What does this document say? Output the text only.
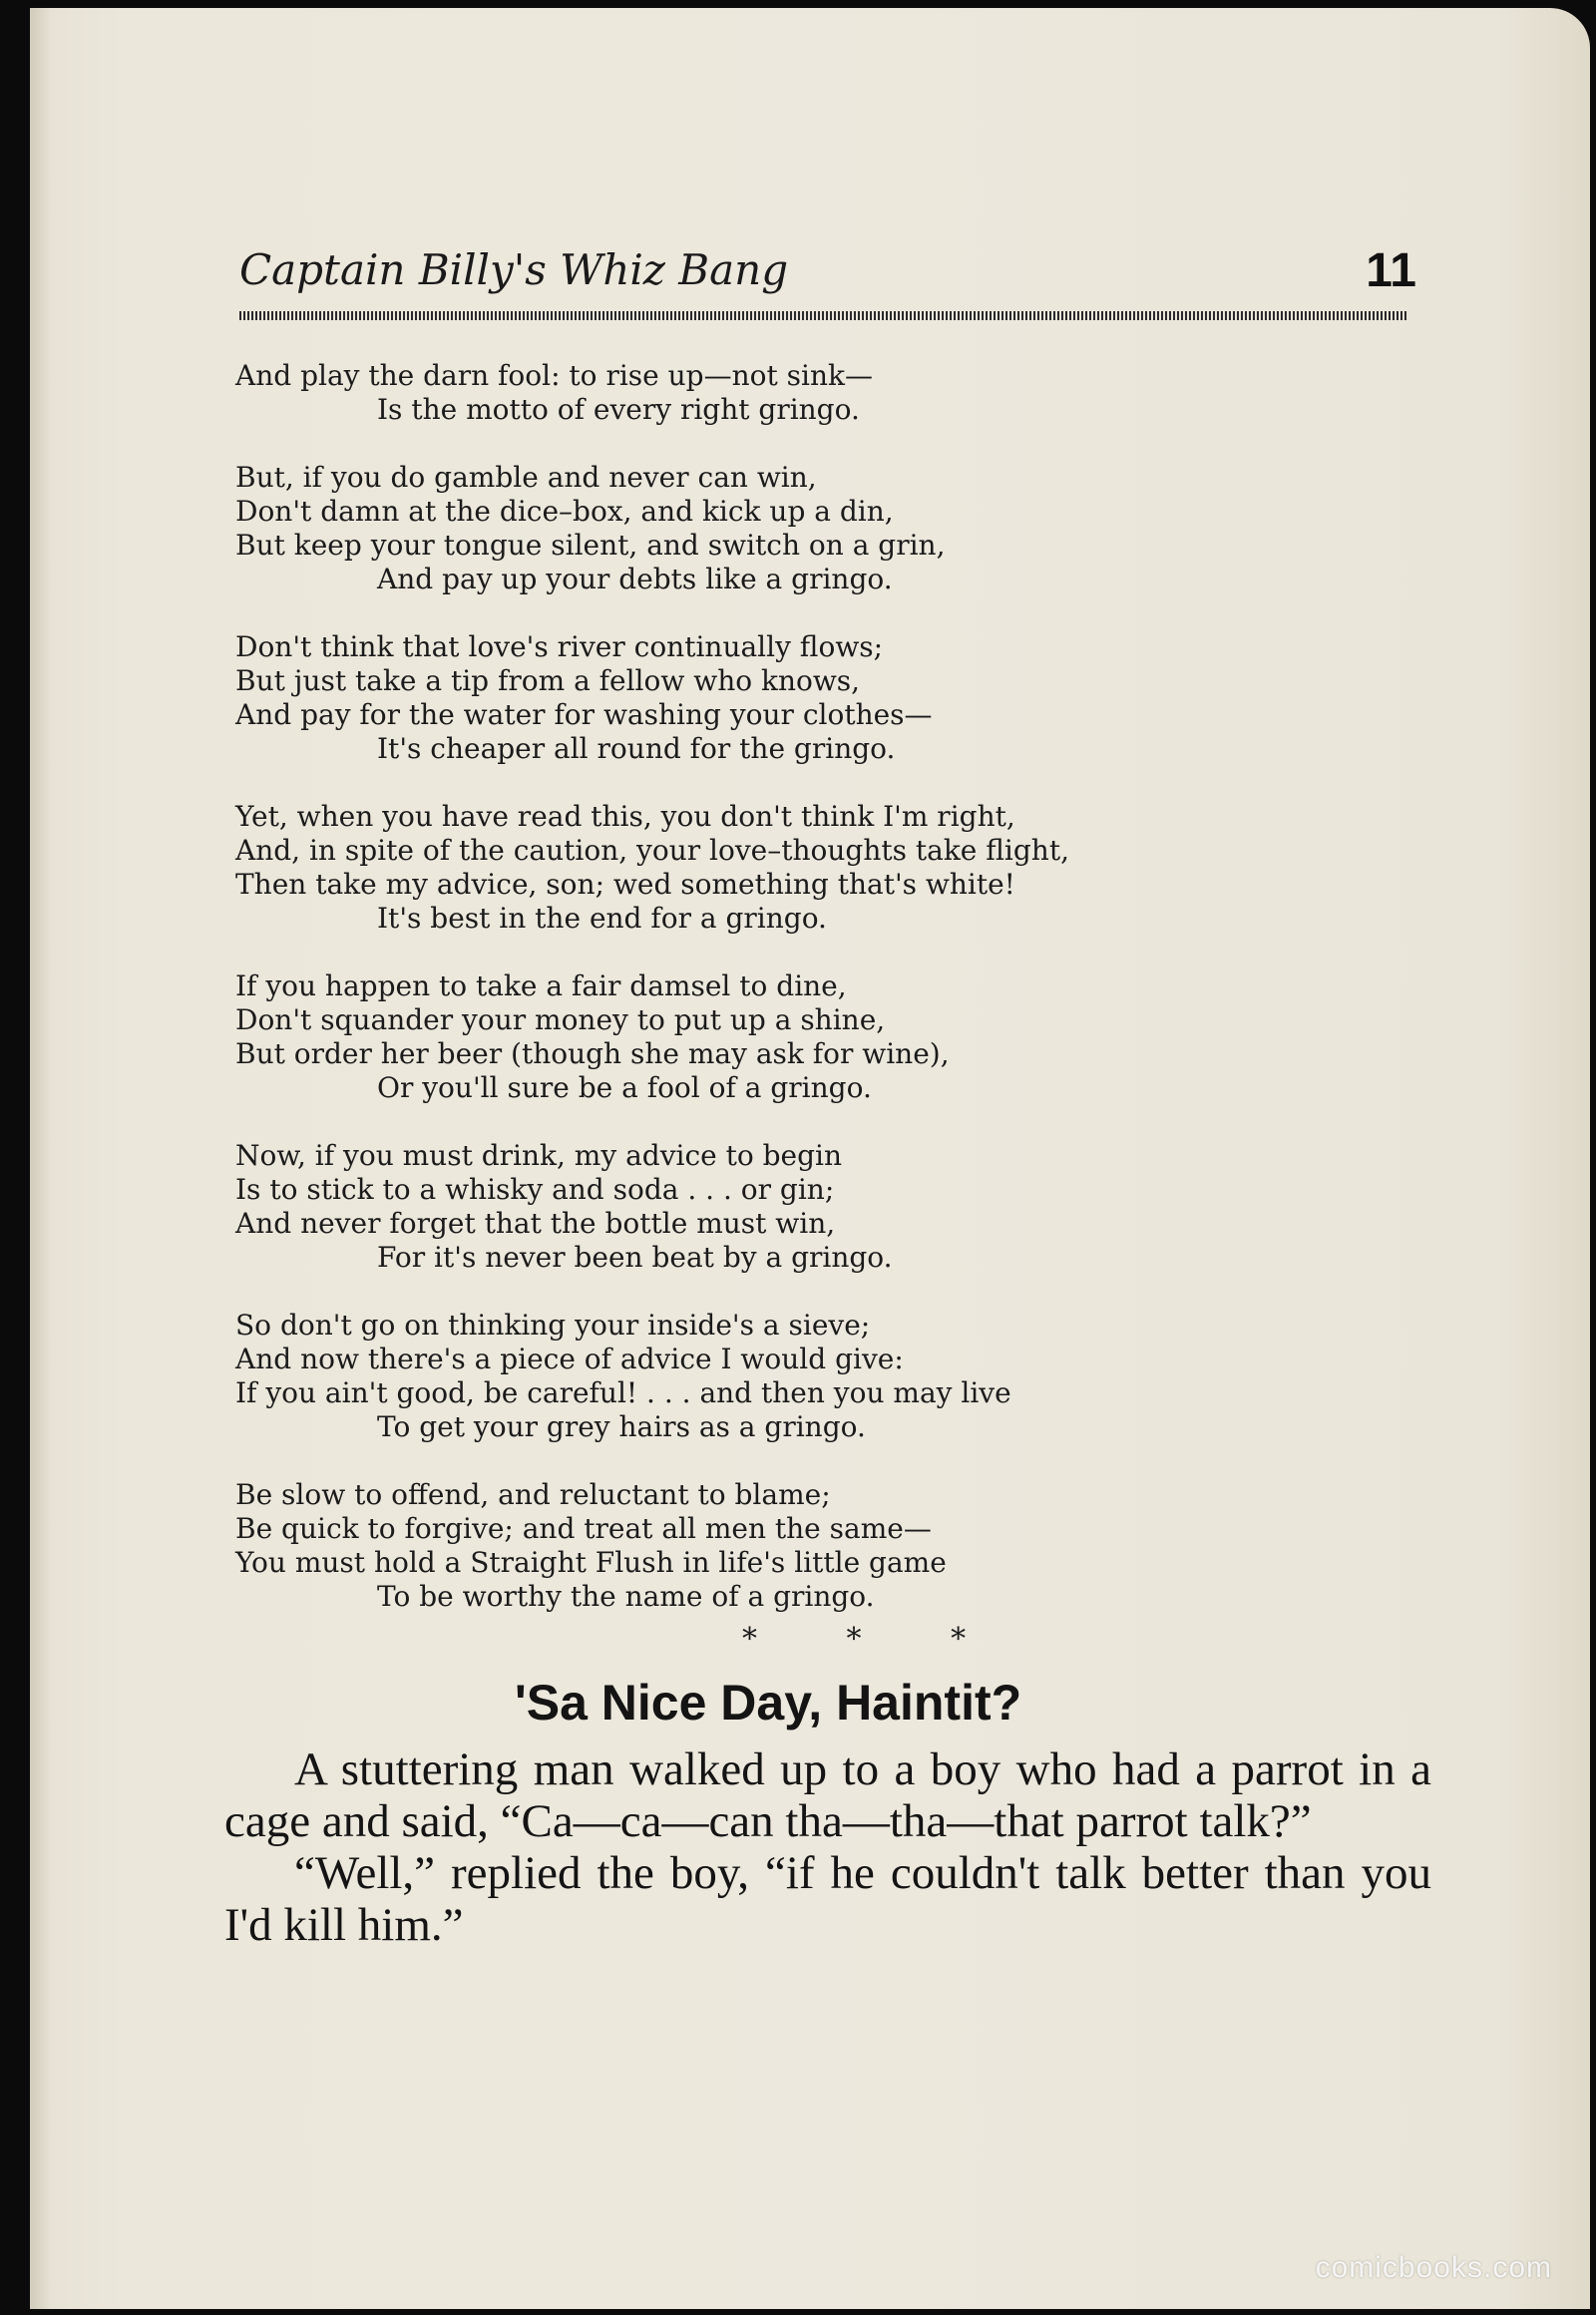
Captain Billy's Whiz Bang	11
And play the darn fool: to rise up—not sink—
Is the motto of every right gringo.
But, if you do gamble and never can win,
Don't damn at the dice–box, and kick up a din,
But keep your tongue silent, and switch on a grin,
And pay up your debts like a gringo.
Don't think that love's river continually flows;
But just take a tip from a fellow who knows,
And pay for the water for washing your clothes—
It's cheaper all round for the gringo.
Yet, when you have read this, you don't think I'm right,
And, in spite of the caution, your love–thoughts take flight,
Then take my advice, son; wed something that's white!
It's best in the end for a gringo.
If you happen to take a fair damsel to dine,
Don't squander your money to put up a shine,
But order her beer (though she may ask for wine),
Or you'll sure be a fool of a gringo.
Now, if you must drink, my advice to begin
Is to stick to a whisky and soda . . . or gin;
And never forget that the bottle must win,
For it's never been beat by a gringo.
So don't go on thinking your inside's a sieve;
And now there's a piece of advice I would give:
If you ain't good, be careful! . . . and then you may live
To get your grey hairs as a gringo.
Be slow to offend, and reluctant to blame;
Be quick to forgive; and treat all men the same—
You must hold a Straight Flush in life's little game
To be worthy the name of a gringo.
* * *
'Sa Nice Day, Haintit?

A stuttering man walked up to a boy who had a parrot in a cage and said, “Ca—ca—can tha—tha—that parrot talk?”

“Well,” replied the boy, “if he couldn't talk better than you I'd kill him.”

comicbooks.com
